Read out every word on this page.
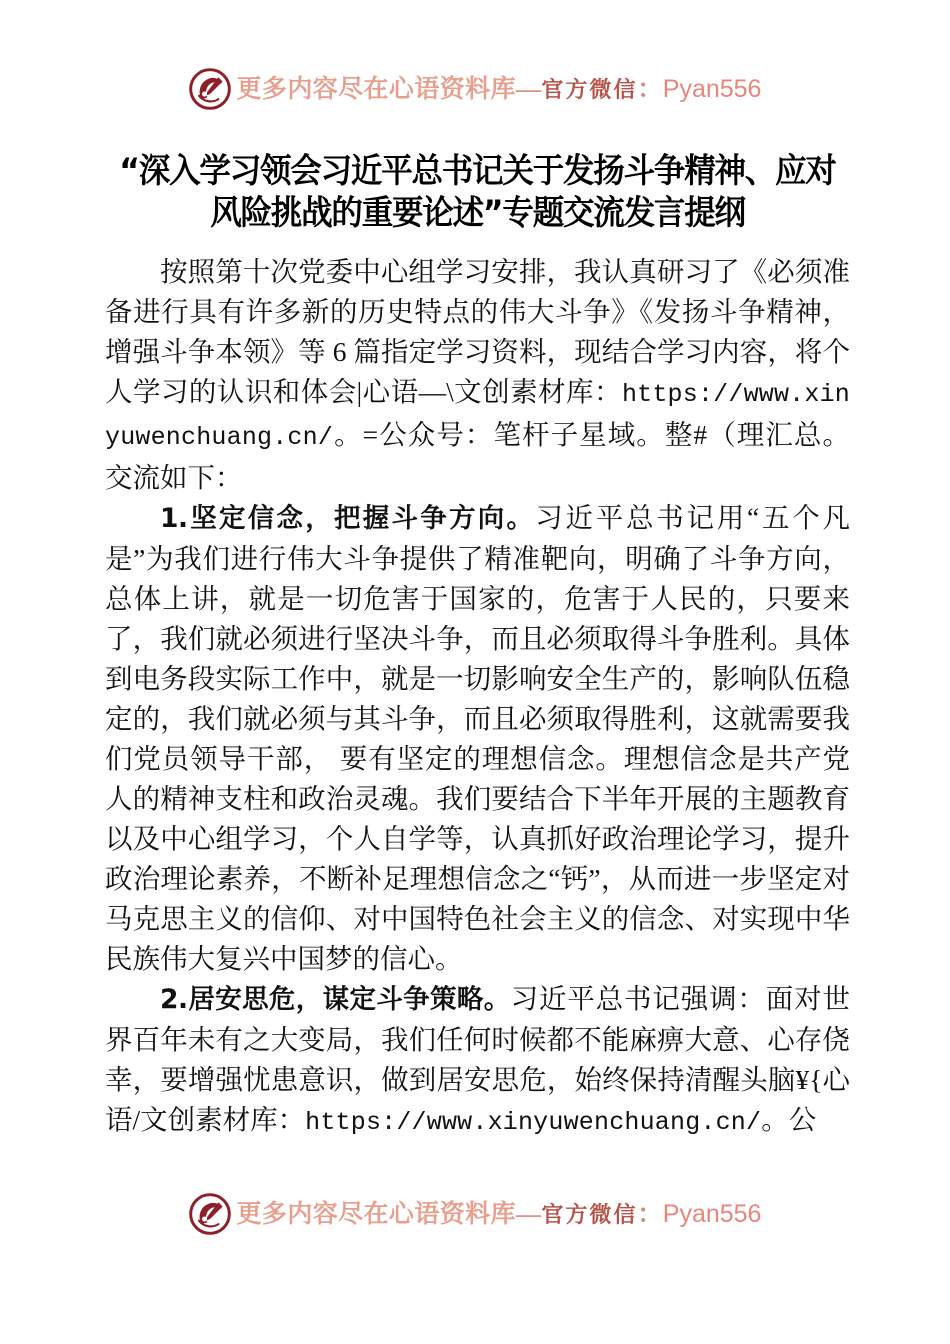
更多内容尽在心语资料库—官方微信：Pyan556
“深入学习领会习近平总书记关于发扬斗争精神、应对风险挑战的重要论述”专题交流发言提纲

按照第十次党委中心组学习安排，我认真研习了《必须准备进行具有许多新的历史特点的伟大斗争》《发扬斗争精神，增强斗争本领》等 6 篇指定学习资料，现结合学习内容，将个人学习的认识和体会|心语—\文创素材库：https://www.xinyuwenchuang.cn/。=公众号：笔杆子星域。整#（理汇总。交流如下：

1.坚定信念，把握斗争方向。习近平总书记用“五个凡是”为我们进行伟大斗争提供了精准靶向，明确了斗争方向，总体上讲，就是一切危害于国家的，危害于人民的，只要来了，我们就必须进行坚决斗争，而且必须取得斗争胜利。具体到电务段实际工作中，就是一切影响安全生产的，影响队伍稳定的，我们就必须与其斗争，而且必须取得胜利，这就需要我们党员领导干部， 要有坚定的理想信念。理想信念是共产党人的精神支柱和政治灵魂。我们要结合下半年开展的主题教育以及中心组学习，个人自学等，认真抓好政治理论学习，提升政治理论素养，不断补足理想信念之“钙”，从而进一步坚定对马克思主义的信仰、对中国特色社会主义的信念、对实现中华民族伟大复兴中国梦的信心。

2.居安思危，谋定斗争策略。习近平总书记强调：面对世界百年未有之大变局，我们任何时候都不能麻痹大意、心存侥幸，要增强忧患意识，做到居安思危，始终保持清醒头脑¥{心语/文创素材库：https://www.xinyuwenchuang.cn/。公

更多内容尽在心语资料库—官方微信：Pyan556
